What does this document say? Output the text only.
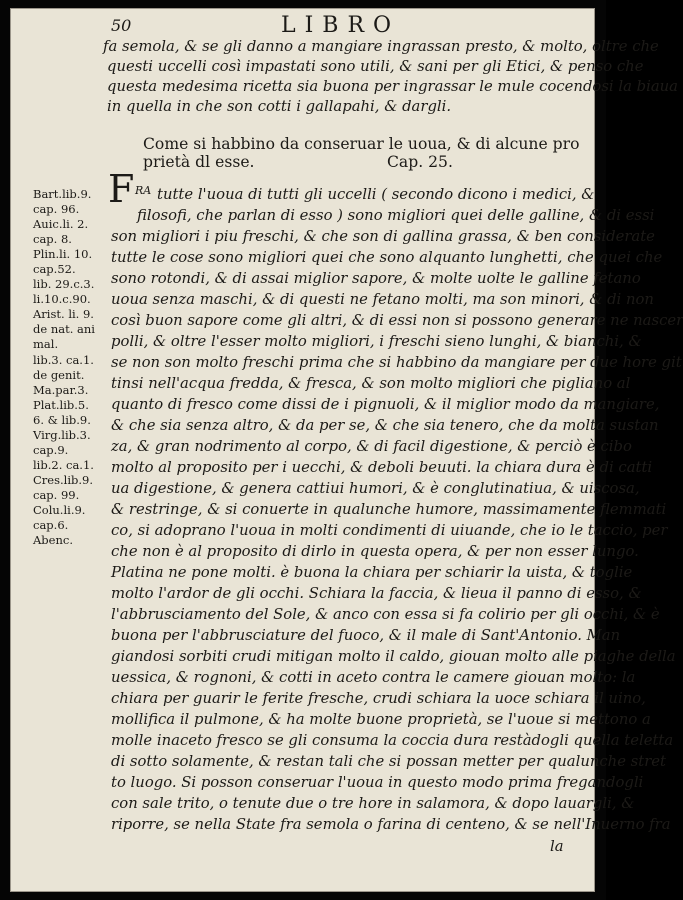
50	LIBRO
fa semola, & se gli danno a mangiare ingrassan presto, & molto, oltre che
questi uccelli così impastati sono utili, & sani per gli Etici, & penso che
questa medesima ricetta sia buona per ingrassar le mule cocendosi la biaua
in quella in che son cotti i gallapahi, & dargli.
Come si habbino da conseruar le uoua, & di alcune pro
prietà dl esse.	Cap. 25.
F RA tutte l'uoua di tutti gli uccelli ( secondo dicono i medici, &
filosofi, che parlan di esso ) sono migliori quei delle galline, & di essi
son migliori i piu freschi, & che son di gallina grassa, & ben considerate
tutte le cose sono migliori quei che sono alquanto lunghetti, che quei che
sono rotondi, & di assai miglior sapore, & molte uolte le galline fetano
uoua senza maschi, & di questi ne fetano molti, ma son minori, & di non
così buon sapore come gli altri, & di essi non si possono generare ne nascer
polli, & oltre l'esser molto migliori, i freschi sieno lunghi, & bianchi, &
se non son molto freschi prima che si habbino da mangiare per due hore git
tinsi nell'acqua fredda, & fresca, & son molto migliori che pigliano al
quanto di fresco come dissi de i pignuoli, & il miglior modo da mangiare,
& che sia senza altro, & da per se, & che sia tenero, che da molta sustan
za, & gran nodrimento al corpo, & di facil digestione, & perciò è cibo
molto al proposito per i uecchi, & deboli beuuti. la chiara dura è di catti
ua digestione, & genera cattiui humori, & è conglutinatiua, & uiscosa,
& restringe, & si conuerte in qualunche humore, massimamente flemmati
co, si adoprano l'uoua in molti condimenti di uiuande, che io le taccio, per
che non è al proposito di dirlo in questa opera, & per non esser lungo.
Platina ne pone molti. è buona la chiara per schiarir la uista, & toglie
molto l'ardor de gli occhi. Schiara la faccia, & lieua il panno di esso, &
l'abbrusciamento del Sole, & anco con essa si fa colirio per gli occhi, & è
buona per l'abbrusciature del fuoco, & il male di Sant'Antonio. Man
giandosi sorbiti crudi mitigan molto il caldo, giouan molto alle piaghe della
uessica, & rognoni, & cotti in aceto contra le camere giouan molto: la
chiara per guarir le ferite fresche, crudi schiara la uoce schiara il uino,
mollifica il pulmone, & ha molte buone proprietà, se l'uoue si mettono a
molle inaceto fresco se gli consuma la coccia dura restàdogli quella teletta
di sotto solamente, & restan tali che si possan metter per qualunche stret
to luogo. Si posson conseruar l'uoua in questo modo prima fregandogli
con sale trito, o tenute due o tre hore in salamora, & dopo lauargli, &
riporre, se nella State fra semola o farina di centeno, & se nell'Inuerno fra
la
Bart.lib.9.
cap. 96.
Auic.li. 2.
cap. 8.
Plin.li. 10.
cap.52.
lib. 29.c.3.
li.10.c.90.
Arist. li. 9.
de nat. ani
mal.
lib.3. ca.1.
de genit.
Ma.par.3.
Plat.lib.5.
6. & lib.9.
Virg.lib.3.
cap.9.
lib.2. ca.1.
Cres.lib.9.
cap. 99.
Colu.li.9.
cap.6.
Abenc.
